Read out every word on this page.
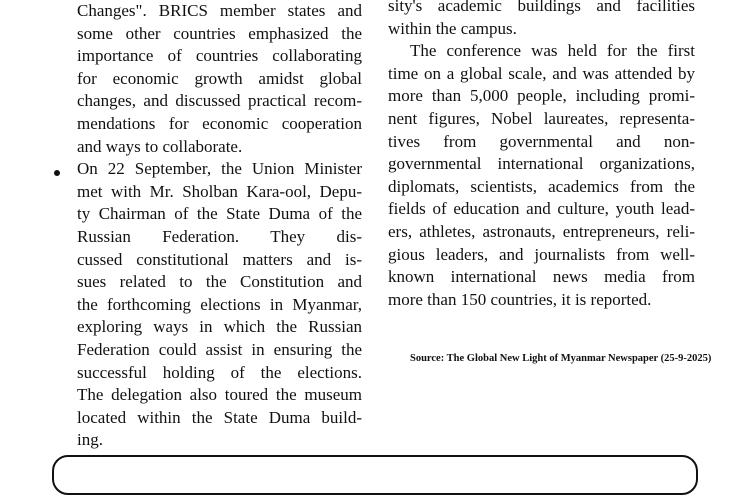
Changes". BRICS member states and
some other countries emphasized the
importance of countries collaborating
for economic growth amidst global
changes, and discussed practical recom-
mendations for economic cooperation
and ways to collaborate.
On 22 September, the Union Minister
met with Mr. Sholban Kara-ool, Depu-
ty Chairman of the State Duma of the
Russian Federation. They dis-
cussed constitutional matters and is-
sues related to the Constitution and
the forthcoming elections in Myanmar,
exploring ways in which the Russian
Federation could assist in ensuring the
successful holding of the elections.
The delegation also toured the museum
located within the State Duma build-
ing.
sity's academic buildings and facilities
within the campus.
The conference was held for the first
time on a global scale, and was attended by
more than 5,000 people, including promi-
nent figures, Nobel laureates, representa-
tives from governmental and non-
governmental international organizations,
diplomats, scientists, academics from the
fields of education and culture, youth lead-
ers, athletes, astronauts, entrepreneurs, reli-
gious leaders, and journalists from well-
known international news media from
more than 150 countries, it is reported.
Source: The Global New Light of Myanmar Newspaper (25-9-2025)
